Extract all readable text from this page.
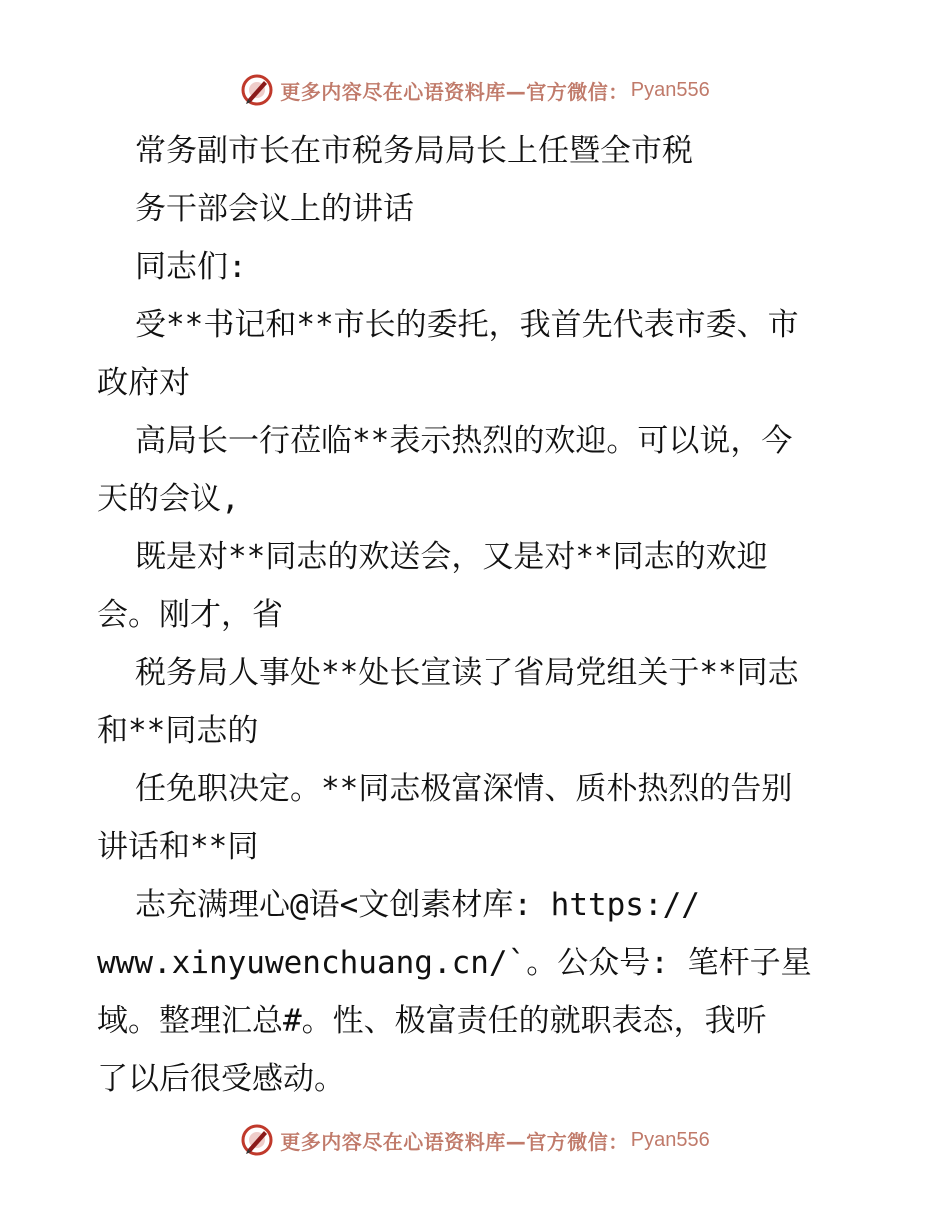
更多内容尽在心语资料库—官方微信： Pyan556
常务副市长在市税务局局长上任暨全市税
务干部会议上的讲话
同志们:
受**书记和**市长的委托，我首先代表市委、市
政府对
高局长一行莅临**表示热烈的欢迎。可以说，今
天的会议,
既是对**同志的欢送会，又是对**同志的欢迎
会。刚才，省
税务局人事处**处长宣读了省局党组关于**同志
和**同志的
任免职决定。**同志极富深情、质朴热烈的告别
讲话和**同
志充满理心@语<文创素材库: https://
www.xinyuwenchuang.cn/`。公众号: 笔杆子星
域。整理汇总#。性、极富责任的就职表态，我听
了以后很受感动。
更多内容尽在心语资料库—官方微信： Pyan556
